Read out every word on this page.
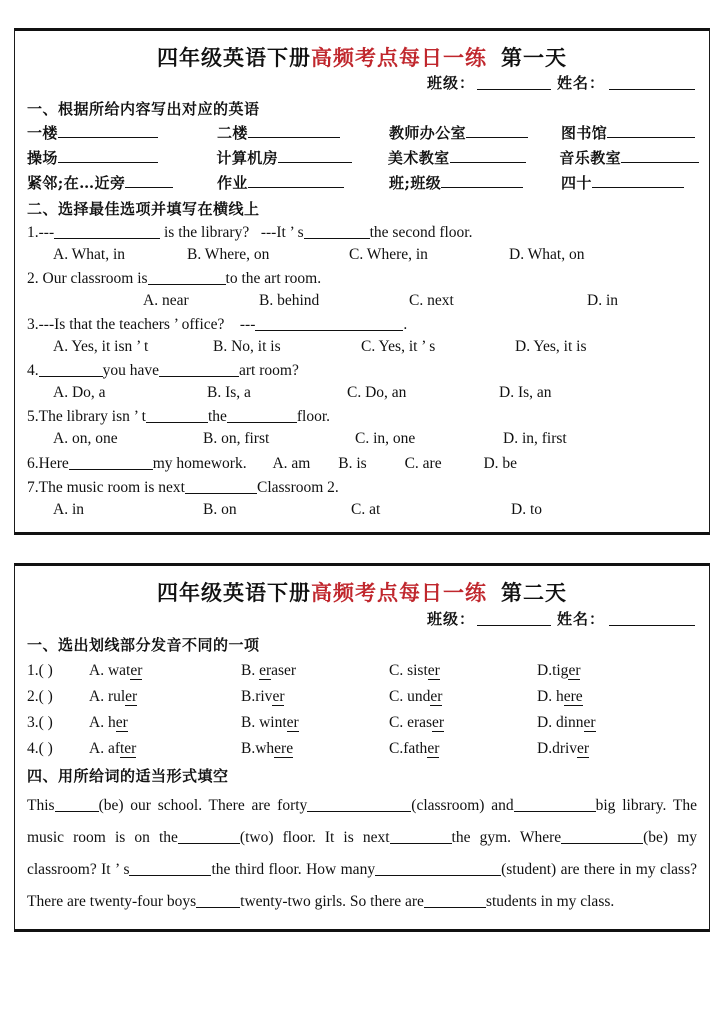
四年级英语下册高频考点每日一练 第一天
班级：	姓名：
一、根据所给内容写出对应的英语
一楼	二楼	教师办公室	图书馆
操场	计算机房	美术教室	音乐教室
紧邻;在…近旁	作业	班;班级	四十
二、选择最佳选项并填写在横线上
1.---	is the library? ---It ’ s	the second floor.
A. What, in	B. Where, on	C. Where, in	D. What, on
2. Our classroom is	to the art room.
A. near	B. behind	C. next	D. in
3.---Is that the teachers ’ office? ---	.
A. Yes, it isn ’ t	B. No, it is	C. Yes, it ’ s	D. Yes, it is
4.	you have	art room?
A. Do, a	B. Is, a	C. Do, an	D. Is, an
5.The library isn ’ t	the	floor.
A. on, one	B. on, first	C. in, one	D. in, first
6.Here	my homework. A. am B. is C. are	D. be
7.The music room is next	Classroom 2.
A. in	B. on	C. at	D. to
四年级英语下册高频考点每日一练 第二天
班级：	姓名：
一、选出划线部分发音不同的一项
1.( )	A. water	B. eraser	C. sister	D.tiger
2.( )	A. ruler	B.river	C. under	D. here
3.( )	A. her	B. winter	C. eraser	D. dinner
4.( )	A. after	B.where	C.father	D.driver
四、用所给词的适当形式填空
This	(be) our school. There are forty	(classroom) and	big library. The music room is on the	(two) floor. It is next	the gym. Where	(be) my classroom? It ’ s	the third floor. How many	(student) are there in my class? There are twenty-four boys	twenty-two girls. So there are	students in my class.
